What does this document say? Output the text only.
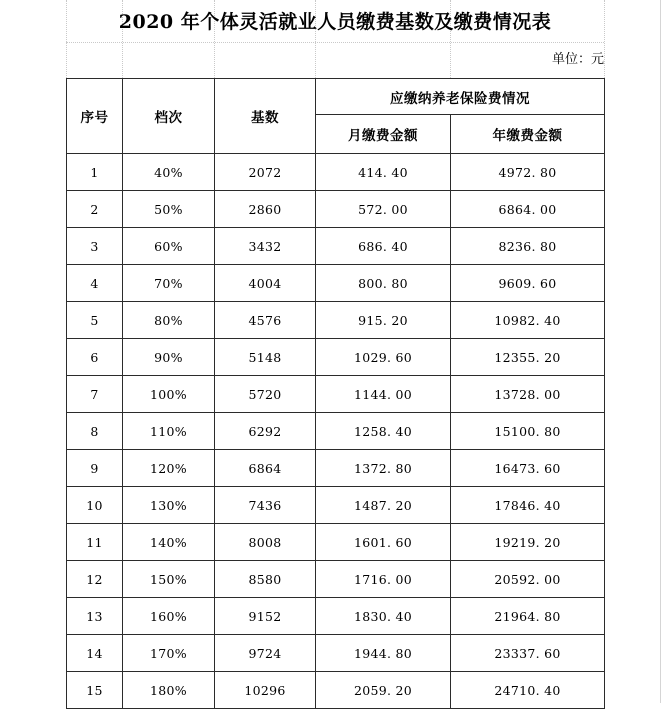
2020 年个体灵活就业人员缴费基数及缴费情况表
单位：元
序号	档次	基数	应缴纳养老保险费情况	
			月缴费金额	年缴费金额
1	40%	2072	414. 40	4972. 80
2	50%	2860	572. 00	6864. 00
3	60%	3432	686. 40	8236. 80
4	70%	4004	800. 80	9609. 60
5	80%	4576	915. 20	10982. 40
6	90%	5148	1029. 60	12355. 20
7	100%	5720	1144. 00	13728. 00
8	110%	6292	1258. 40	15100. 80
9	120%	6864	1372. 80	16473. 60
10	130%	7436	1487. 20	17846. 40
11	140%	8008	1601. 60	19219. 20
12	150%	8580	1716. 00	20592. 00
13	160%	9152	1830. 40	21964. 80
14	170%	9724	1944. 80	23337. 60
15	180%	10296	2059. 20	24710. 40
